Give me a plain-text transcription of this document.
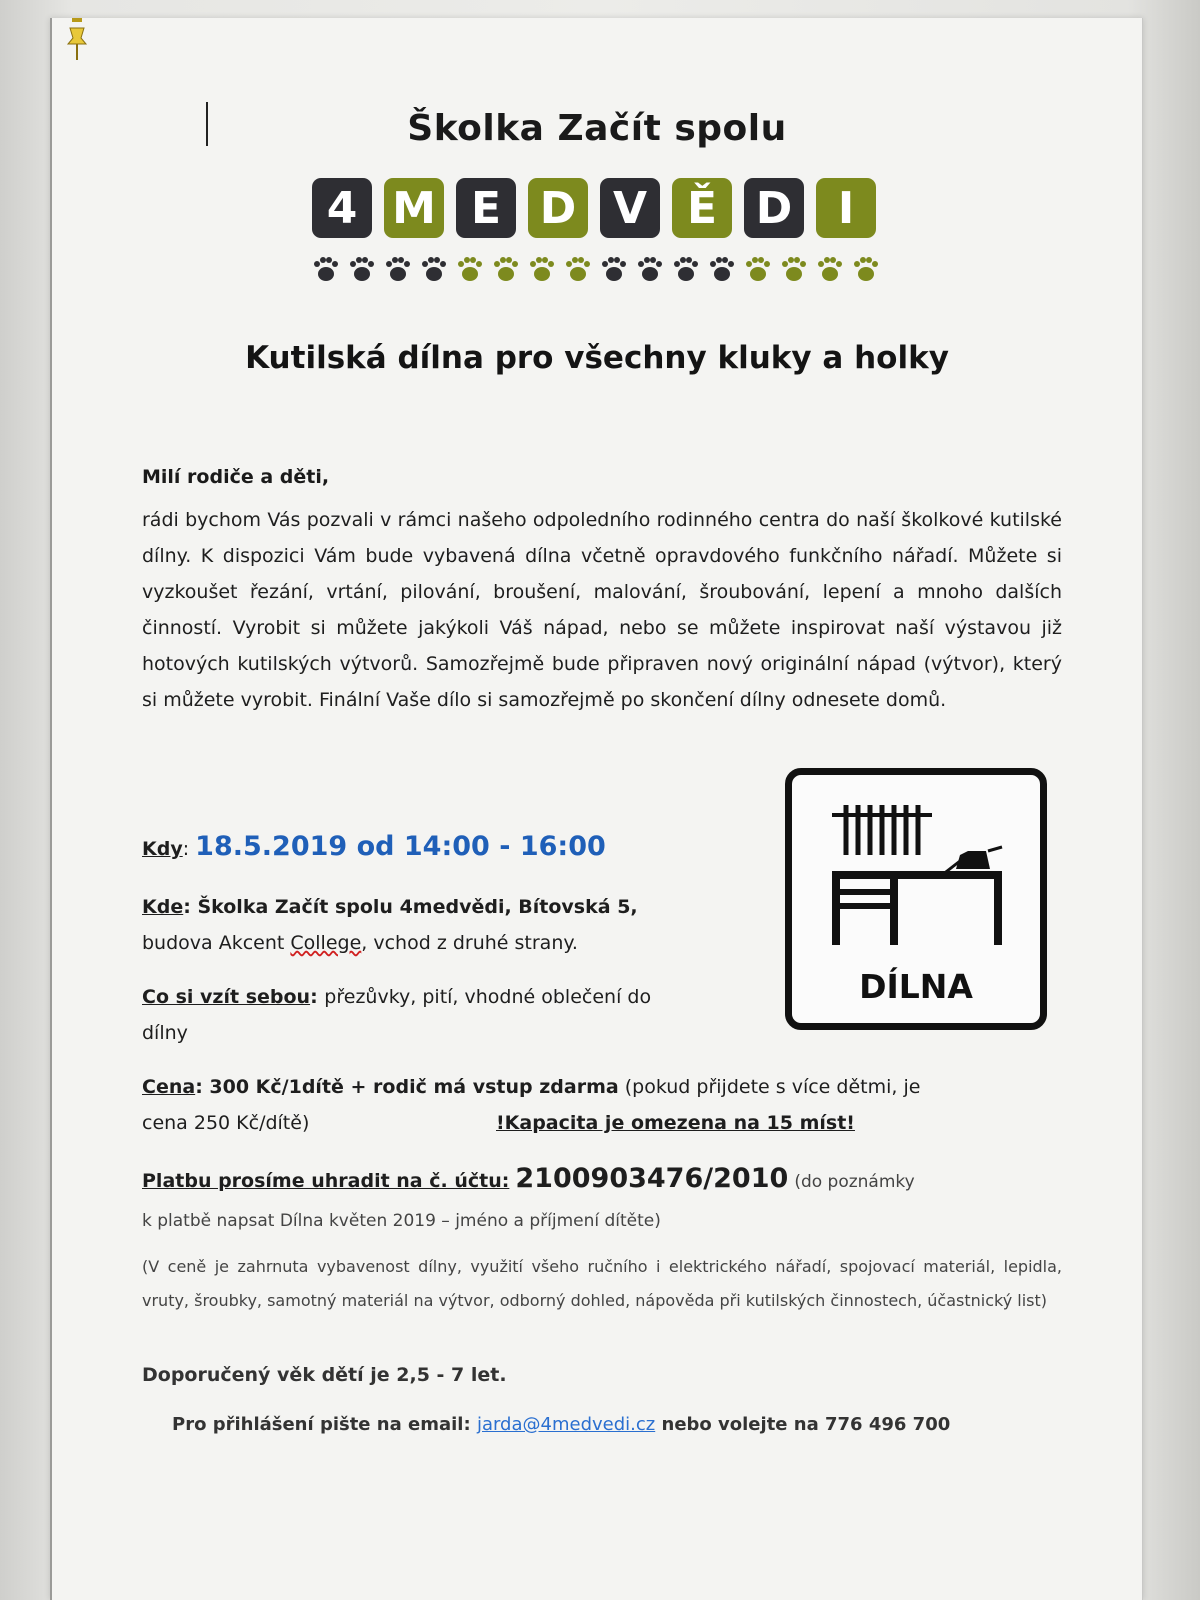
Školka Začít spolu
4 M E D V Ě D	I
Kutilská dílna pro všechny kluky a holky
Milí rodiče a děti,
rádi bychom Vás pozvali v rámci našeho odpoledního rodinného centra do naší školkové kutilské dílny. K dispozici Vám bude vybavená dílna včetně opravdového funkčního nářadí. Můžete si vyzkoušet řezání, vrtání, pilování, broušení, malování, šroubování, lepení a mnoho dalších činností. Vyrobit si můžete jakýkoli Váš nápad, nebo se můžete inspirovat naší výstavou již hotových kutilských výtvorů. Samozřejmě bude připraven nový originální nápad (výtvor), který si můžete vyrobit. Finální Vaše dílo si samozřejmě po skončení dílny odnesete domů.
Kdy: 18.5.2019 od 14:00 - 16:00
Kde: Školka Začít spolu 4medvědi, Bítovská 5,
budova Akcent College, vchod z druhé strany.
Co si vzít sebou: přezůvky, pití, vhodné oblečení do
dílny
Cena: 300 Kč/1dítě + rodič má vstup zdarma (pokud přijdete s více dětmi, je
cena 250 Kč/dítě)	!Kapacita je omezena na 15 míst!
Platbu prosíme uhradit na č. účtu: 2100903476/2010 (do poznámky
k platbě napsat Dílna květen 2019 – jméno a příjmení dítěte)
(V ceně je zahrnuta vybavenost dílny, využití všeho ručního i elektrického nářadí, spojovací materiál, lepidla, vruty, šroubky, samotný materiál na výtvor, odborný dohled, nápověda při kutilských činnostech, účastnický list)
Doporučený věk dětí je 2,5 - 7 let.
Pro přihlášení pište na email: jarda@4medvedi.cz nebo volejte na 776 496 700
DÍLNA
